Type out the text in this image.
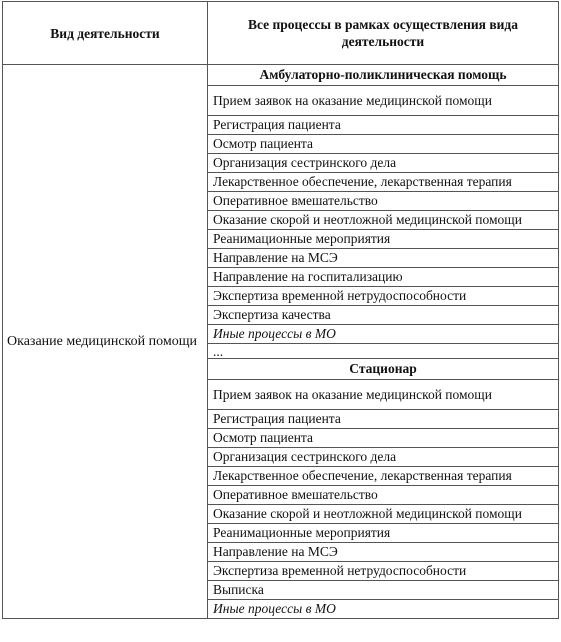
Вид деятельности	Все процессы в рамках осуществления вида деятельности
Оказание медицинской помощи	Амбулаторно-поликлиническая помощь
	Прием заявок на оказание медицинской помощи
	Регистрация пациента
	Осмотр пациента
	Организация сестринского дела
	Лекарственное обеспечение, лекарственная терапия
	Оперативное вмешательство
	Оказание скорой и неотложной медицинской помощи
	Реанимационные мероприятия
	Направление на МСЭ
	Направление на госпитализацию
	Экспертиза временной нетрудоспособности
	Экспертиза качества
	Иные процессы в МО
	...
	Стационар
	Прием заявок на оказание медицинской помощи
	Регистрация пациента
	Осмотр пациента
	Организация сестринского дела
	Лекарственное обеспечение, лекарственная терапия
	Оперативное вмешательство
	Оказание скорой и неотложной медицинской помощи
	Реанимационные мероприятия
	Направление на МСЭ
	Экспертиза временной нетрудоспособности
	Выписка
	Иные процессы в МО
